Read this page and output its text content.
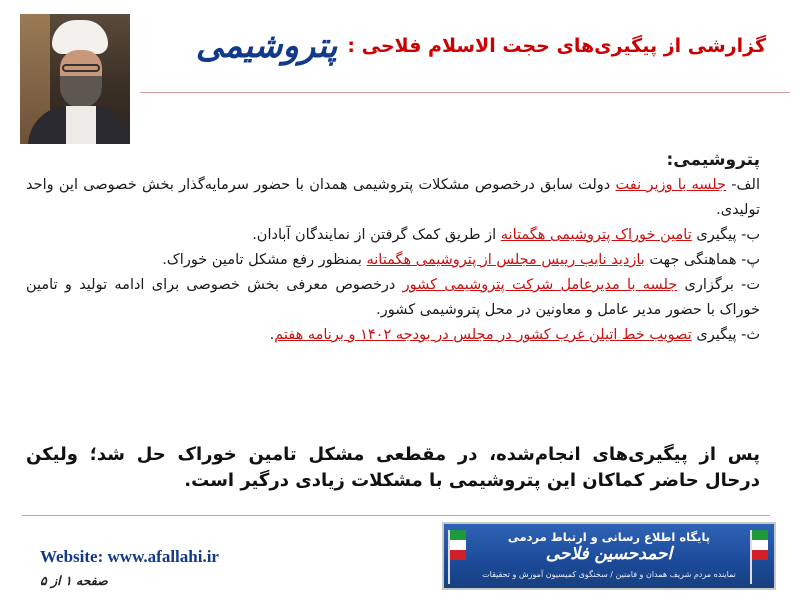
گزارشی از پیگیری‌های حجت الاسلام فلاحی :
پتروشیمی
پتروشیمی:

الف- جلسه با وزیر نفت دولت سابق درخصوص مشکلات پتروشیمی همدان با حضور سرمایه‌گذار بخش خصوصی این واحد تولیدی.

ب- پیگیری تامین خوراک پتروشیمی هگمتانه از طریق کمک گرفتن از نمایندگان آبادان.

پ- هماهنگی جهت بازدید نایب رییس مجلس از پتروشیمی هگمتانه بمنظور رفع مشکل تامین خوراک.

ت- برگزاری جلسه با مدیرعامل شرکت پتروشیمی کشور درخصوص معرفی بخش خصوصی برای ادامه تولید و تامین خوراک با حضور مدیر عامل و معاونین در محل پتروشیمی کشور.

ث- پیگیری تصویب خط اتیلن غرب کشور در مجلس در بودجه ۱۴۰۲ و برنامه هفتم.

پس از پیگیری‌های انجام‌شده، در مقطعی مشکل تامین خوراک حل شد؛ ولیکن درحال حاضر کماکان این پتروشیمی با مشکلات زیادی درگیر است.
Website: www.afallahi.ir
صفحه ۱ از ۵
پایگاه اطلاع رسانی و ارتباط مردمی احمدحسین فلاحی
نماینده مردم شریف همدان و فامنین / سخنگوی کمیسیون آموزش و تحقیقات
